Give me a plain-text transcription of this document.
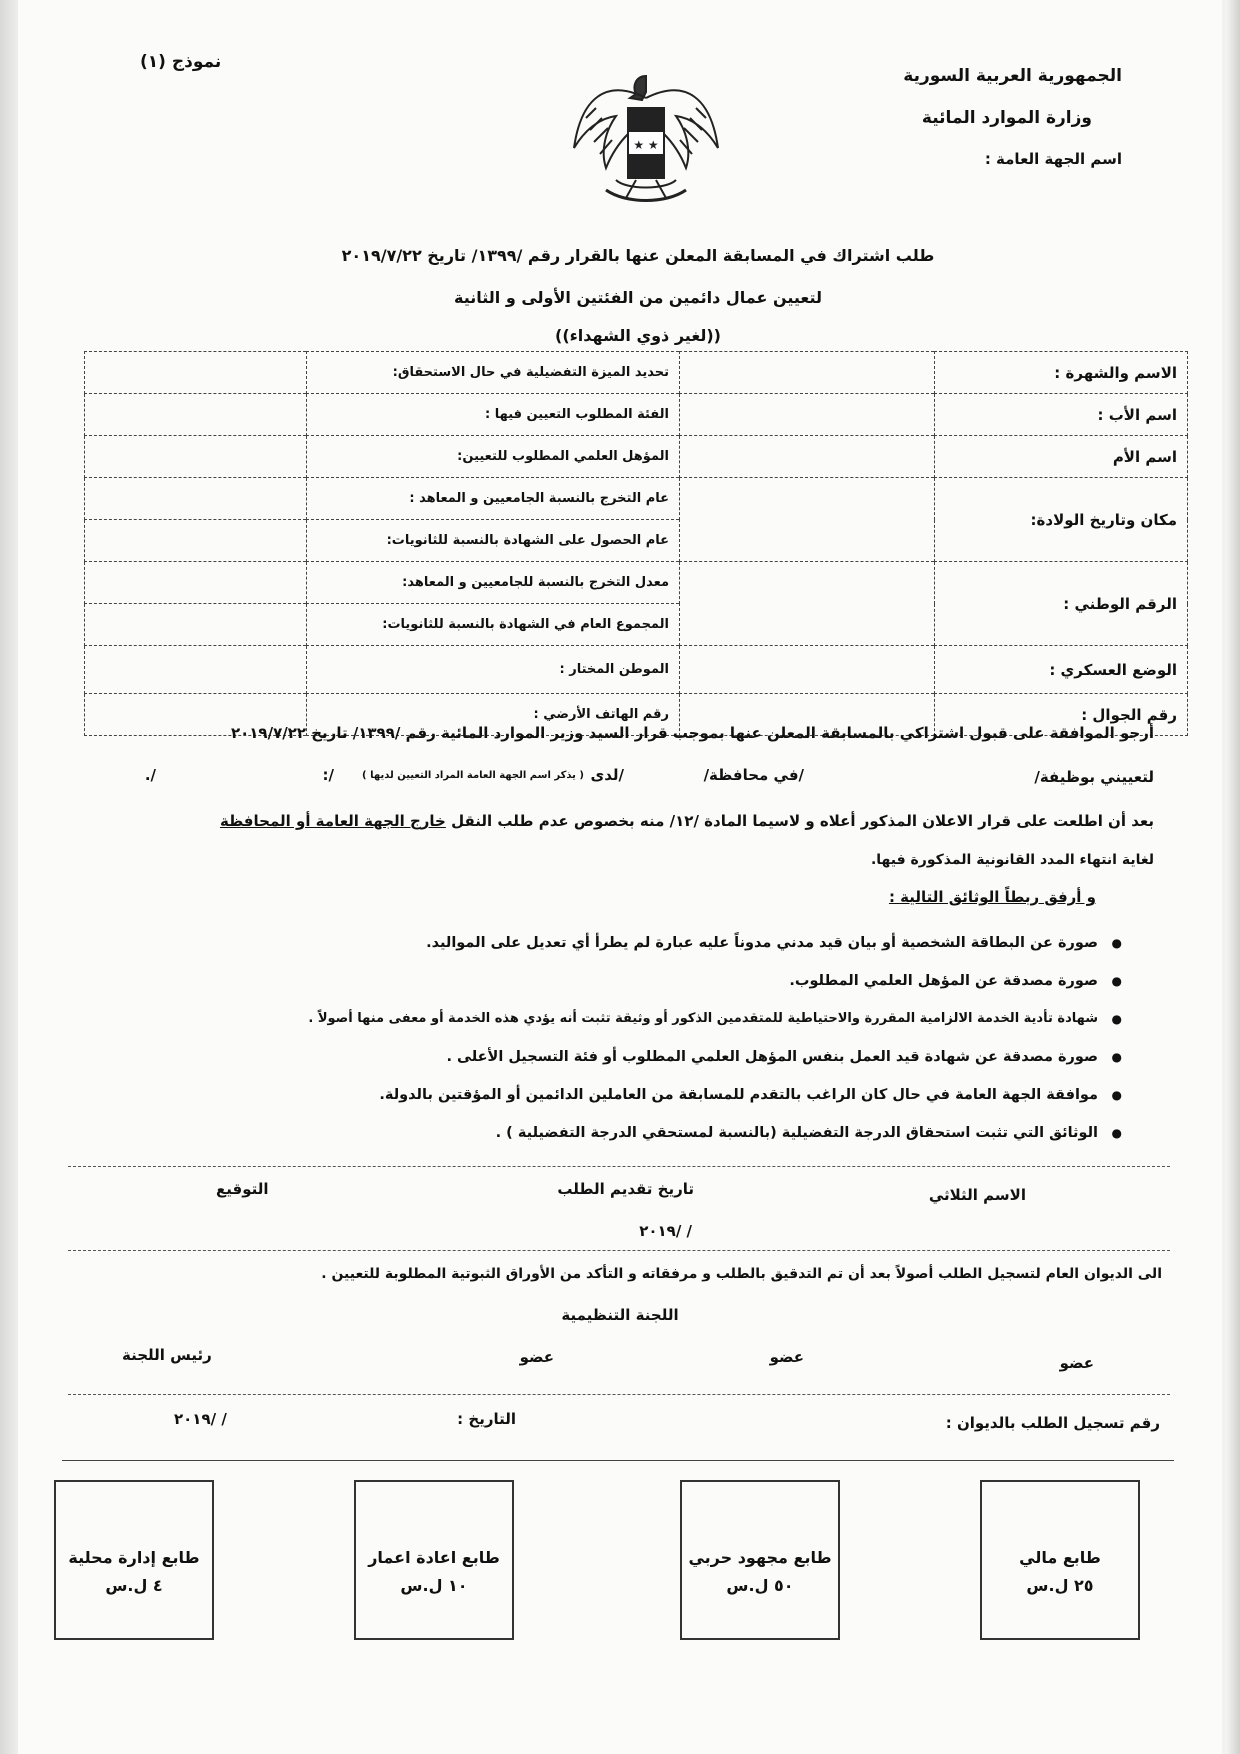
الجمهورية العربية السورية
وزارة الموارد المائية
اسم الجهة العامة :
نموذج (١)
★ ★
طلب اشتراك في المسابقة المعلن عنها بالقرار رقم /١٣٩٩/ تاريخ ٢٠١٩/٧/٢٢
لتعيين عمال دائمين من الفئتين الأولى و الثانية
((لغير ذوي الشهداء))
الاسم والشهرة :		تحديد الميزة التفضيلية في حال الاستحقاق:	
اسم الأب :		الفئة المطلوب التعيين فيها :	
اسم الأم		المؤهل العلمي المطلوب للتعيين:	
مكان وتاريخ الولادة:		عام التخرج بالنسبة الجامعيين و المعاهد :	
		عام الحصول على الشهادة بالنسبة للثانويات:	
الرقم الوطني :		معدل التخرج بالنسبة للجامعيين و المعاهد:	
		المجموع العام في الشهادة بالنسبة للثانويات:	
الوضع العسكري :		الموطن المختار :	
رقم الجوال :		رقم الهاتف الأرضي :	
أرجو الموافقة على قبول اشتراكي بالمسابقة المعلن عنها بموجب قرار السيد وزير الموارد المائية رقم /١٣٩٩/ تاريخ ٢٠١٩/٧/٢٢
لتعييني بوظيفة/
/في محافظة/
/لدى
( يذكر اسم الجهة العامة المراد التعيين لديها )
/:
/.
بعد أن اطلعت على قرار الاعلان المذكور أعلاه و لاسيما المادة /١٢/ منه بخصوص عدم طلب النقل خارج الجهة العامة أو المحافظة
لغاية انتهاء المدد القانونية المذكورة فيها.
و أرفق ربطاً الوثائق التالية :
● صورة عن البطاقة الشخصية أو بيان قيد مدني مدوناً عليه عبارة لم يطرأ أي تعديل على المواليد.
● صورة مصدقة عن المؤهل العلمي المطلوب.
● شهادة تأدية الخدمة الالزامية المقررة والاحتياطية للمتقدمين الذكور أو وثيقة تثبت أنه يؤدي هذه الخدمة أو معفى منها أصولاً .
● صورة مصدقة عن شهادة قيد العمل بنفس المؤهل العلمي المطلوب أو فئة التسجيل الأعلى .
● موافقة الجهة العامة في حال كان الراغب بالتقدم للمسابقة من العاملين الدائمين أو المؤقتين بالدولة.
● الوثائق التي تثبت استحقاق الدرجة التفضيلية (بالنسبة لمستحقي الدرجة التفضيلية ) .
الاسم الثلاثي
تاريخ تقديم الطلب
التوقيع
/ /٢٠١٩
الى الديوان العام لتسجيل الطلب أصولاً بعد أن تم التدقيق بالطلب و مرفقاته و التأكد من الأوراق الثبوتية المطلوبة للتعيين .
اللجنة التنظيمية
عضو
عضو
عضو
رئيس اللجنة
رقم تسجيل الطلب بالديوان :
التاريخ :
/ /٢٠١٩
طابع مالي
٢٥ ل.س
طابع مجهود حربي
٥٠ ل.س
طابع اعادة اعمار
١٠ ل.س
طابع إدارة محلية
٤ ل.س
